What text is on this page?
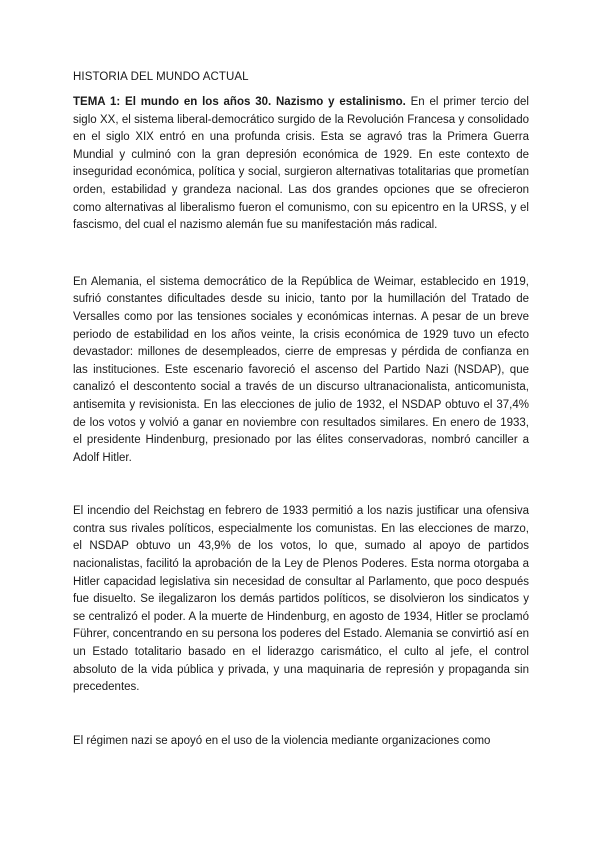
HISTORIA DEL MUNDO ACTUAL

TEMA 1: El mundo en los años 30. Nazismo y estalinismo. En el primer tercio del siglo XX, el sistema liberal-democrático surgido de la Revolución Francesa y consolidado en el siglo XIX entró en una profunda crisis. Esta se agravó tras la Primera Guerra Mundial y culminó con la gran depresión económica de 1929. En este contexto de inseguridad económica, política y social, surgieron alternativas totalitarias que prometían orden, estabilidad y grandeza nacional. Las dos grandes opciones que se ofrecieron como alternativas al liberalismo fueron el comunismo, con su epicentro en la URSS, y el fascismo, del cual el nazismo alemán fue su manifestación más radical.

En Alemania, el sistema democrático de la República de Weimar, establecido en 1919, sufrió constantes dificultades desde su inicio, tanto por la humillación del Tratado de Versalles como por las tensiones sociales y económicas internas. A pesar de un breve periodo de estabilidad en los años veinte, la crisis económica de 1929 tuvo un efecto devastador: millones de desempleados, cierre de empresas y pérdida de confianza en las instituciones. Este escenario favoreció el ascenso del Partido Nazi (NSDAP), que canalizó el descontento social a través de un discurso ultranacionalista, anticomunista, antisemita y revisionista. En las elecciones de julio de 1932, el NSDAP obtuvo el 37,4% de los votos y volvió a ganar en noviembre con resultados similares. En enero de 1933, el presidente Hindenburg, presionado por las élites conservadoras, nombró canciller a Adolf Hitler.

El incendio del Reichstag en febrero de 1933 permitió a los nazis justificar una ofensiva contra sus rivales políticos, especialmente los comunistas. En las elecciones de marzo, el NSDAP obtuvo un 43,9% de los votos, lo que, sumado al apoyo de partidos nacionalistas, facilitó la aprobación de la Ley de Plenos Poderes. Esta norma otorgaba a Hitler capacidad legislativa sin necesidad de consultar al Parlamento, que poco después fue disuelto. Se ilegalizaron los demás partidos políticos, se disolvieron los sindicatos y se centralizó el poder. A la muerte de Hindenburg, en agosto de 1934, Hitler se proclamó Führer, concentrando en su persona los poderes del Estado. Alemania se convirtió así en un Estado totalitario basado en el liderazgo carismático, el culto al jefe, el control absoluto de la vida pública y privada, y una maquinaria de represión y propaganda sin precedentes.

El régimen nazi se apoyó en el uso de la violencia mediante organizaciones como
